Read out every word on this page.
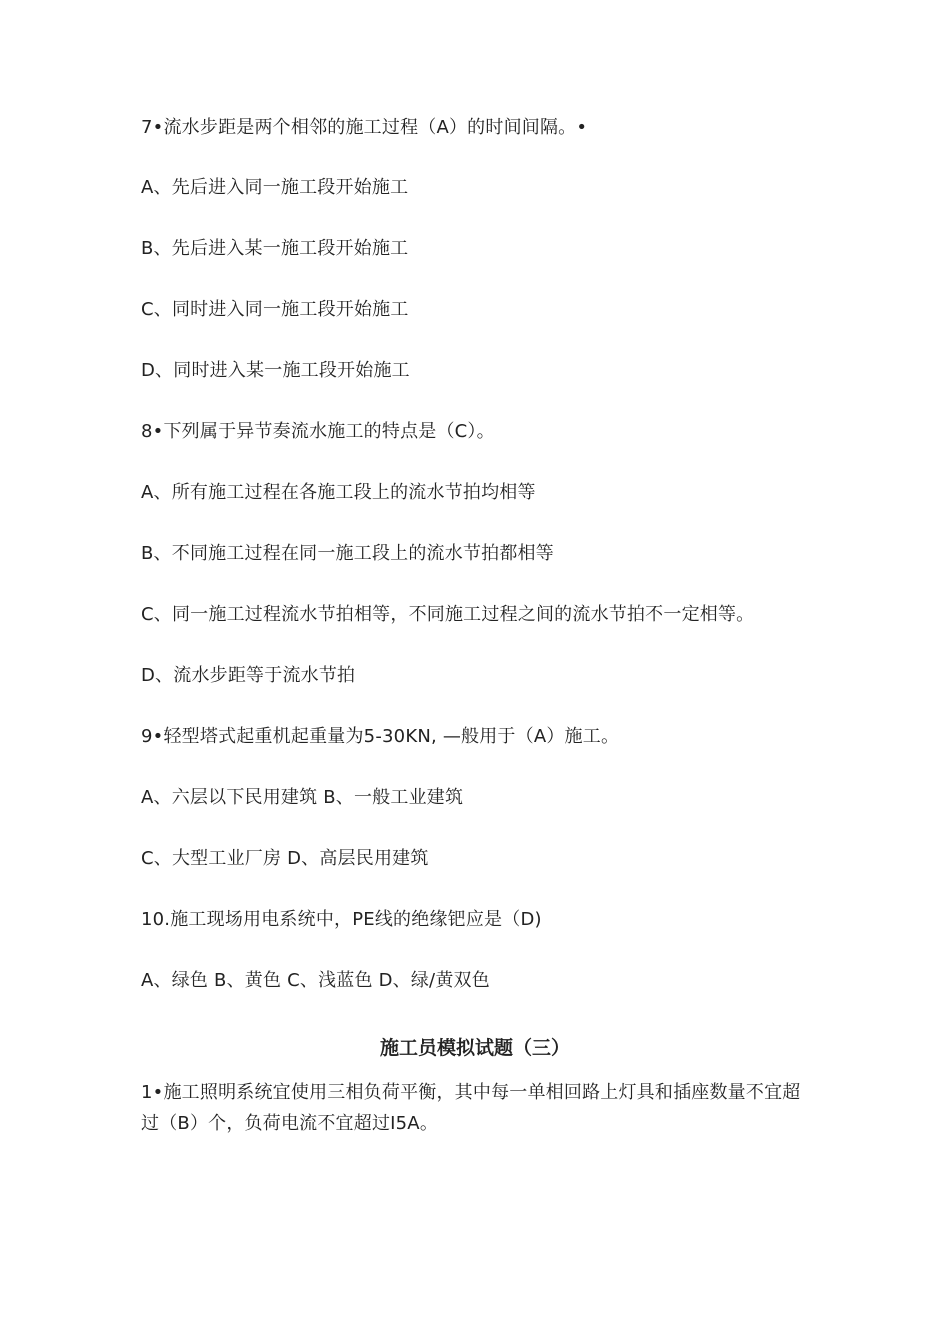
7•流水步距是两个相邻的施工过程（A）的时间间隔。•
A、先后进入同一施工段开始施工
B、先后进入某一施工段开始施工
C、同时进入同一施工段开始施工
D、同时进入某一施工段开始施工
8•下列属于异节奏流水施工的特点是（C）。
A、所有施工过程在各施工段上的流水节拍均相等
B、不同施工过程在同一施工段上的流水节拍都相等
C、同一施工过程流水节拍相等，不同施工过程之间的流水节拍不一定相等。
D、流水步距等于流水节拍
9•轻型塔式起重机起重量为5-30KN, —般用于（A）施工。
A、六层以下民用建筑 B、一般工业建筑
C、大型工业厂房 D、高层民用建筑
10.施工现场用电系统中，PE线的绝缘钯应是（D)
A、绿色 B、黄色 C、浅蓝色 D、绿/黄双色
施工员模拟试题（三）
1•施工照明系统宜使用三相负荷平衡，其中每一单相回路上灯具和插座数量不宜超过（B）个，负荷电流不宜超过I5A。
